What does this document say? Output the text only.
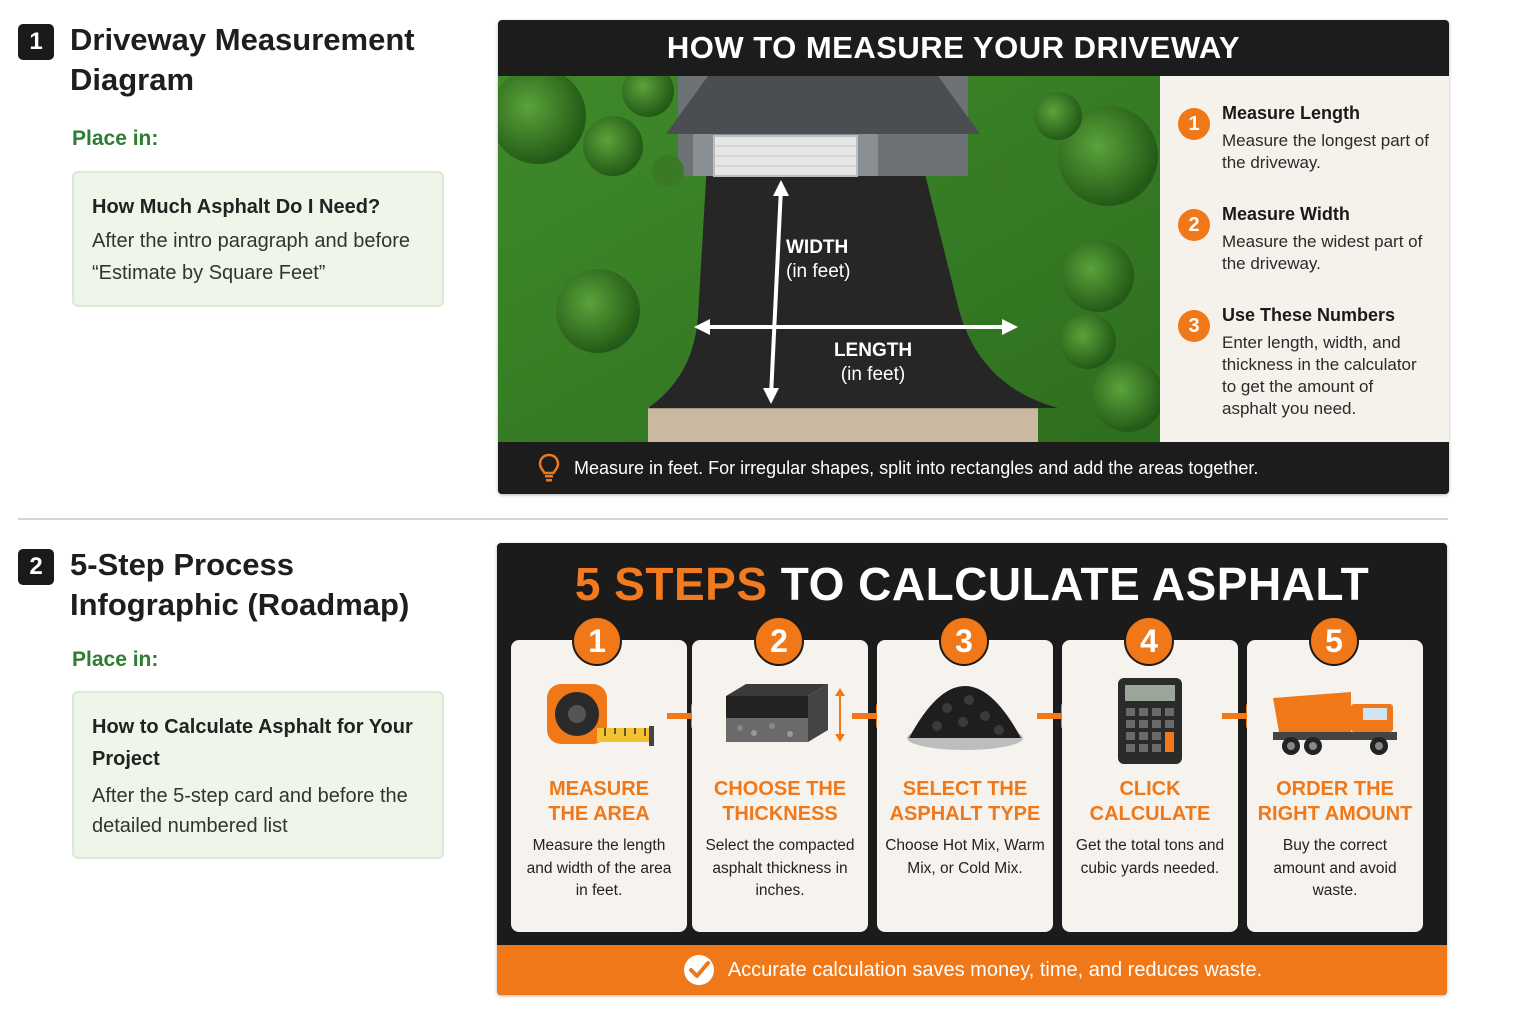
1 Driveway Measurement Diagram
Place in:
How Much Asphalt Do I Need?
After the intro paragraph and before “Estimate by Square Feet”
HOW TO MEASURE YOUR DRIVEWAY
WIDTH
(in feet)
LENGTH
(in feet)
1	Measure Length
Measure the longest part of the driveway.
2	Measure Width
Measure the widest part of the driveway.
3	Use These Numbers
Enter length, width, and thickness in the calculator to get the amount of asphalt you need.
Measure in feet. For irregular shapes, split into rectangles and add the areas together.
2 5-Step Process Infographic (Roadmap)
Place in:
How to Calculate Asphalt for Your Project
After the 5-step card and before the detailed numbered list
5 STEPS TO CALCULATE ASPHALT
MEASURE
THE AREA
Measure the length and width of the area in feet.
1
CHOOSE THE
THICKNESS
Select the compacted asphalt thickness in inches.
2
SELECT THE
ASPHALT TYPE
Choose Hot Mix, Warm Mix, or Cold Mix.
3
CLICK
CALCULATE
Get the total tons and cubic yards needed.
4
ORDER THE
RIGHT AMOUNT
Buy the correct amount and avoid waste.
5
Accurate calculation saves money, time, and reduces waste.
